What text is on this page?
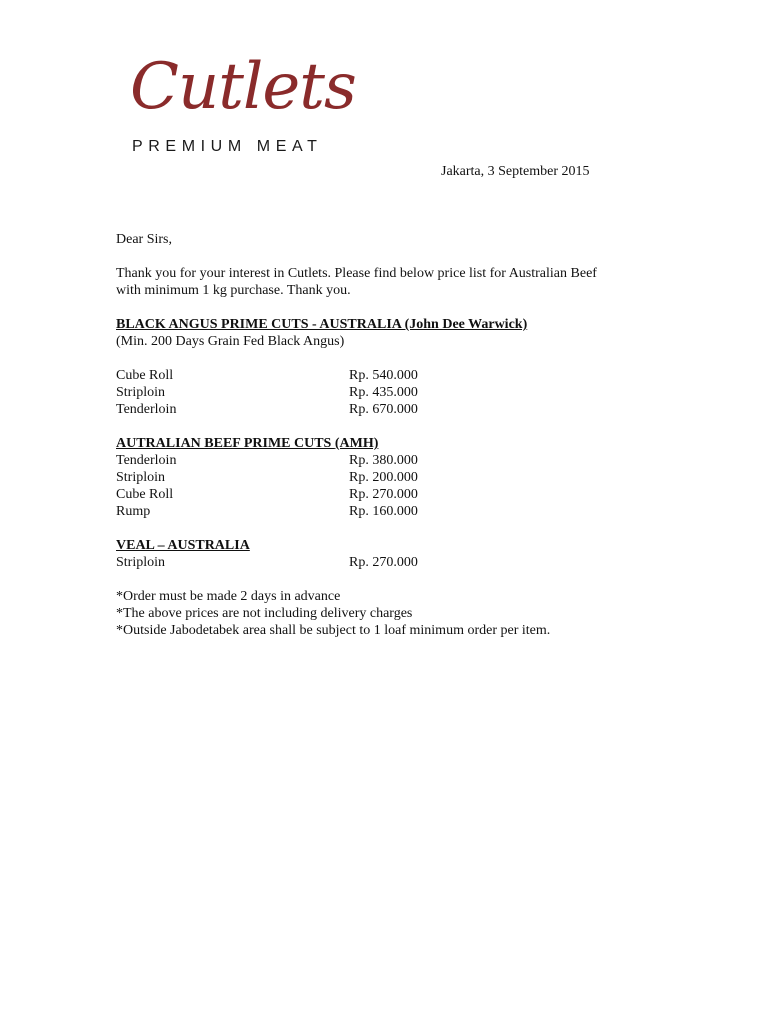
Cutlets
PREMIUM MEAT
Jakarta, 3 September 2015
Dear Sirs,
Thank you for your interest in Cutlets. Please find below price list for Australian Beef
with minimum 1 kg purchase. Thank you.
BLACK ANGUS PRIME CUTS - AUSTRALIA (John Dee Warwick)
(Min. 200 Days Grain Fed Black Angus)
Cube Roll	Rp. 540.000
Striploin	Rp. 435.000
Tenderloin	Rp. 670.000
AUTRALIAN BEEF PRIME CUTS (AMH)
Tenderloin	Rp. 380.000
Striploin	Rp. 200.000
Cube Roll	Rp. 270.000
Rump	Rp. 160.000
VEAL – AUSTRALIA
Striploin	Rp. 270.000
*Order must be made 2 days in advance
*The above prices are not including delivery charges
*Outside Jabodetabek area shall be subject to 1 loaf minimum order per item.
